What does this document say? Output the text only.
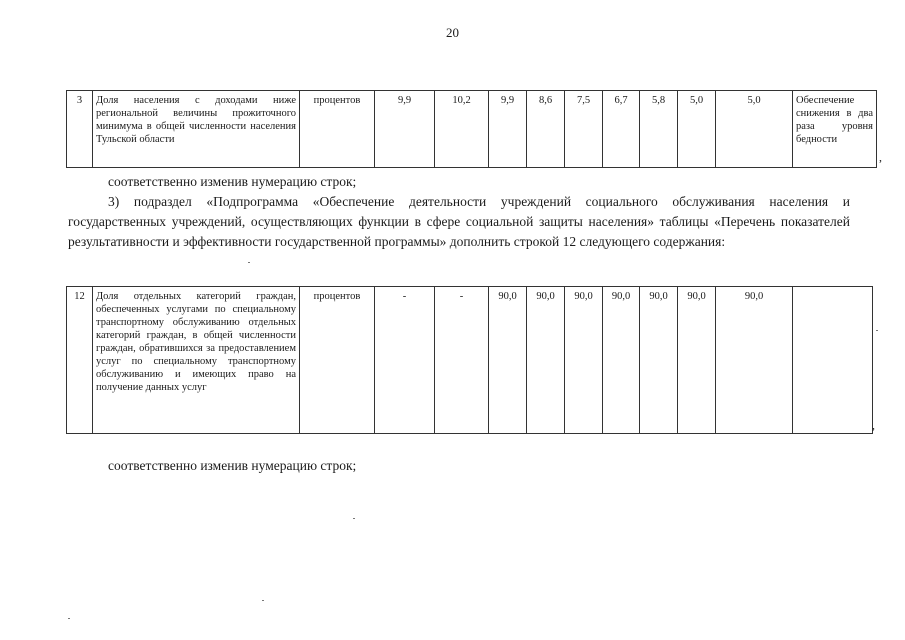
20
3	Доля населения с доходами ниже региональной величины прожиточного минимума в общей численности населения Тульской области	процентов	9,9	10,2	9,9	8,6	7,5	6,7	5,8	5,0	5,0	Обеспечение снижения в два раза уровня бедности
,
соответственно изменив нумерацию строк;
3) подраздел «Подпрограмма «Обеспечение деятельности учреждений социального обслуживания населения и государственных учреждений, осуществляющих функции в сфере социальной защиты населения» таблицы «Перечень показателей результативности и эффективности государственной программы» дополнить строкой 12 следующего содержания:
12	Доля отдельных категорий граждан, обеспеченных услугами по специальному транспортному обслуживанию отдельных категорий граждан, в общей численности граждан, обратившихся за предоставлением услуг по специальному транспортному обслуживанию и имеющих право на получение данных услуг	процентов	-	-	90,0	90,0	90,0	90,0	90,0	90,0	90,0	
,
соответственно изменив нумерацию строк;
